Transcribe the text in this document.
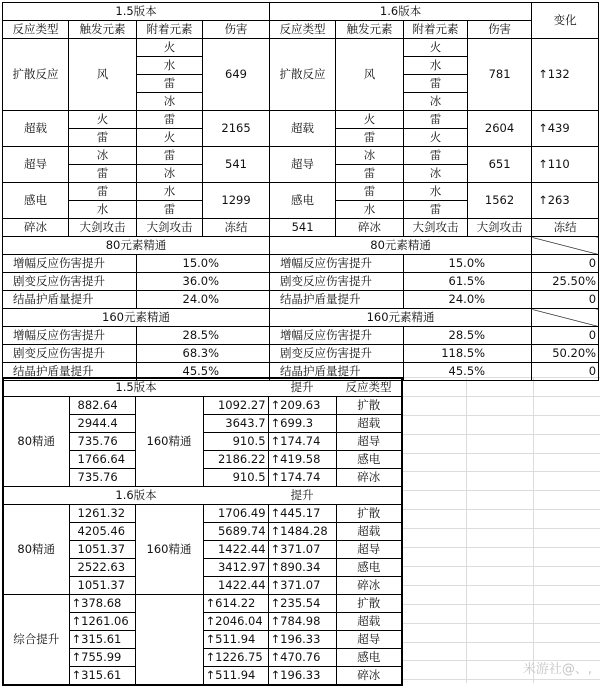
1.5版本				1.6版本				变化	
反应类型	触发元素	附着元素	伤害	反应类型	触发元素	附着元素	伤害		
扩散反应	风	火	649	扩散反应	风	火	781	↑132	
		水				水			
		雷				雷			
		冰				冰			
超载	火	雷	2165	超载	火	雷	2604	↑439	
	雷	火			雷	火			
超导	冰	雷	541	超导	冰	雷	651	↑110	
	雷	冰			雷	冰			
感电	雷	水	1299	感电	雷	水	1562	↑263	
	水	雷			水	雷			
碎冰	大剑攻击	大剑攻击	冻结	541	碎冰	大剑攻击	大剑攻击	冻结		
80元素精通				80元素精通					
增幅反应伤害提升		15.0%		增幅反应伤害提升		15.0%		0	
剧变反应伤害提升		36.0%		剧变反应伤害提升		61.5%		25.50%	
结晶护盾量提升		24.0%		结晶护盾量提升		24.0%		0	
160元素精通				160元素精通					
增幅反应伤害提升		28.5%		增幅反应伤害提升		28.5%		0	
剧变反应伤害提升		68.3%		剧变反应伤害提升		118.5%		50.20%	
结晶护盾量提升		45.5%		结晶护盾量提升		45.5%		0	
1.5版本				提升	反应类型
80精通	882.64	160精通	1092.27	↑209.63	扩散
	2944.4		3643.7	↑699.3	超载
	735.76		910.5	↑174.74	超导
	1766.64		2186.22	↑419.58	感电
	735.76		910.5	↑174.74	碎冰
1.6版本				提升	
80精通	1261.32	160精通	1706.49	↑445.17	扩散
	4205.46		5689.74	↑1484.28	超载
	1051.37		1422.44	↑371.07	超导
	2522.63		3412.97	↑890.34	感电
	1051.37		1422.44	↑371.07	碎冰
综合提升	↑378.68		↑614.22	↑235.54	扩散
	↑1261.06		↑2046.04	↑784.98	超载
	↑315.61		↑511.94	↑196.33	超导
	↑755.99		↑1226.75	↑470.76	感电
	↑315.61		↑511.94	↑196.33	碎冰	米游社@、,
